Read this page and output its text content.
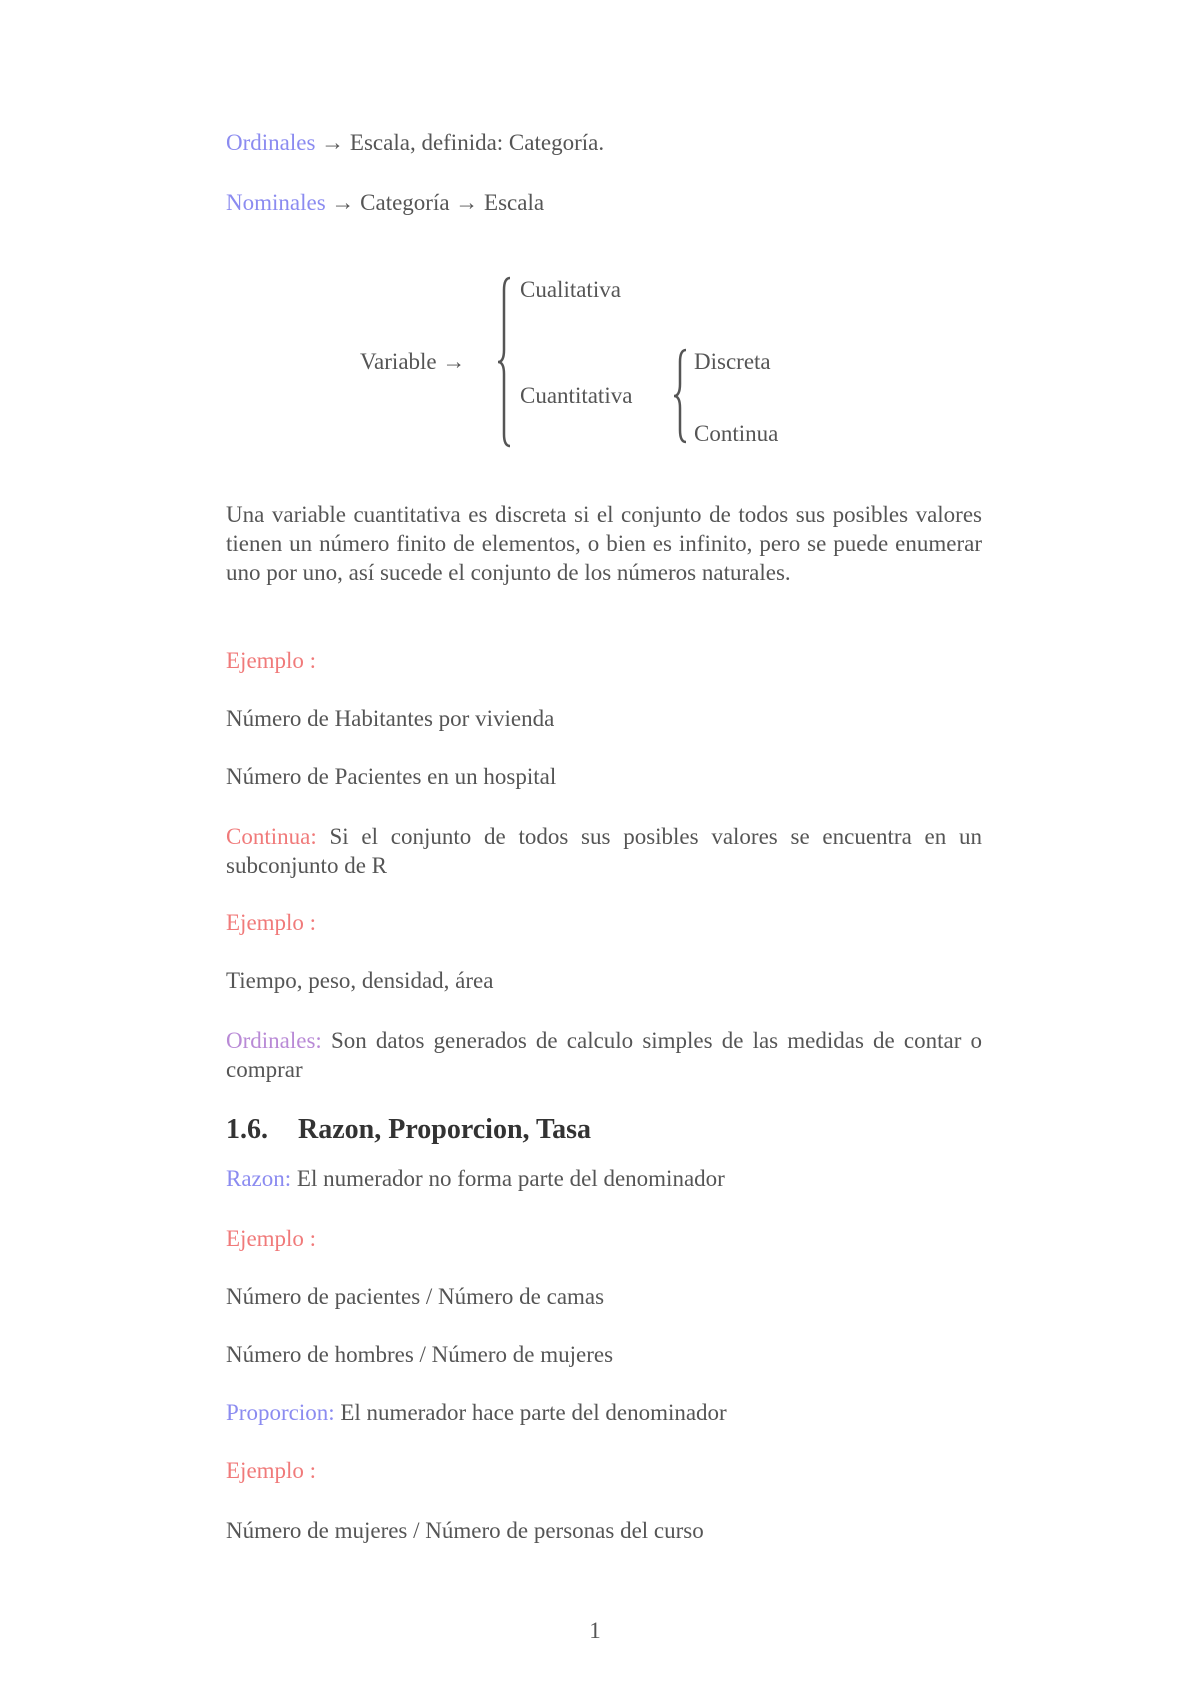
Ordinales → Escala, definida: Categoría.
Nominales → Categoría → Escala
Variable →
Cualitativa
Cuantitativa
Discreta
Continua
Una variable cuantitativa es discreta si el conjunto de todos sus posibles valores tienen un número finito de elementos, o bien es infinito, pero se puede enumerar uno por uno, así sucede el conjunto de los números naturales.
Ejemplo :
Número de Habitantes por vivienda
Número de Pacientes en un hospital
Continua: Si el conjunto de todos sus posibles valores se encuentra en un subconjunto de R
Ejemplo :
Tiempo, peso, densidad, área
Ordinales: Son datos generados de calculo simples de las medidas de contar o comprar
1.6. Razon, Proporcion, Tasa
Razon: El numerador no forma parte del denominador
Ejemplo :
Número de pacientes / Número de camas
Número de hombres / Número de mujeres
Proporcion: El numerador hace parte del denominador
Ejemplo :
Número de mujeres / Número de personas del curso
1
